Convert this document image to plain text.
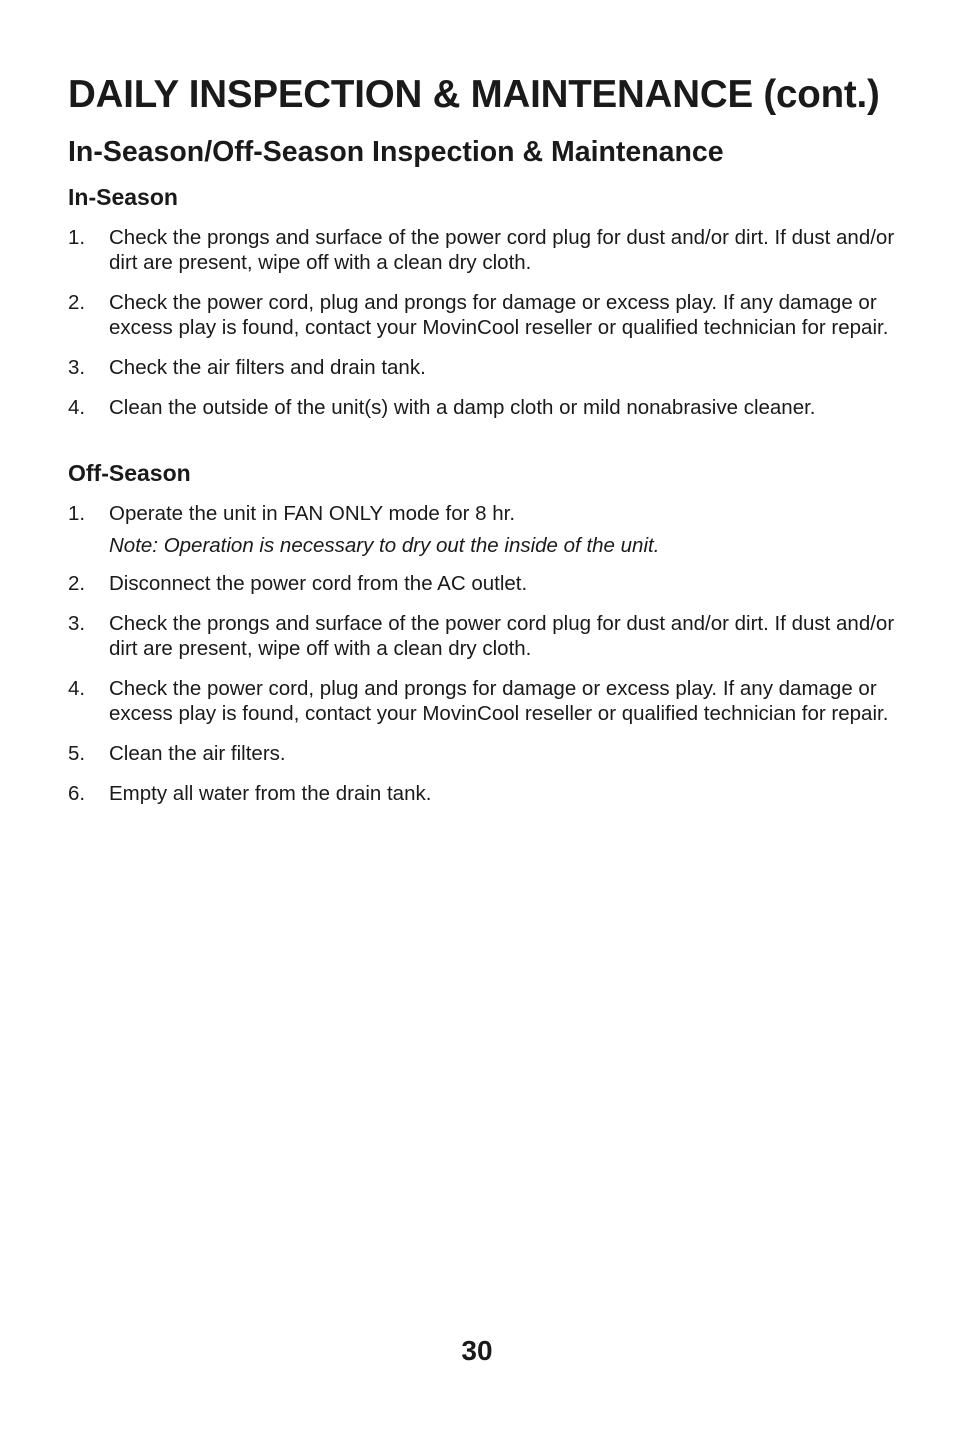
DAILY INSPECTION & MAINTENANCE (cont.)
In-Season/Off-Season Inspection & Maintenance
In-Season
1. Check the prongs and surface of the power cord plug for dust and/or dirt. If dust and/or dirt are present, wipe off with a clean dry cloth.
2. Check the power cord, plug and prongs for damage or excess play. If any damage or excess play is found, contact your MovinCool reseller or qualified technician for repair.
3. Check the air filters and drain tank.
4. Clean the outside of the unit(s) with a damp cloth or mild nonabrasive cleaner.
Off-Season
1. Operate the unit in FAN ONLY mode for 8 hr.
Note: Operation is necessary to dry out the inside of the unit.
2. Disconnect the power cord from the AC outlet.
3. Check the prongs and surface of the power cord plug for dust and/or dirt. If dust and/or dirt are present, wipe off with a clean dry cloth.
4. Check the power cord, plug and prongs for damage or excess play. If any damage or excess play is found, contact your MovinCool reseller or qualified technician for repair.
5. Clean the air filters.
6. Empty all water from the drain tank.
30
